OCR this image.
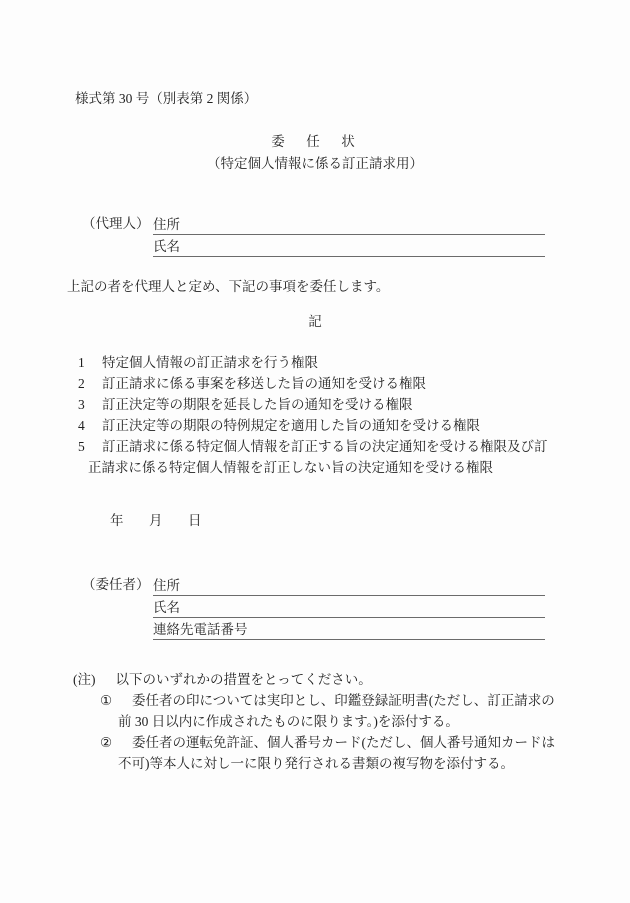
様式第 30 号（別表第 2 関係）
委　任　状
（特定個人情報に係る訂正請求用）
（代理人） 住所
氏名
上記の者を代理人と定め、下記の事項を委任します。
記
1 特定個人情報の訂正請求を行う権限
2 訂正請求に係る事案を移送した旨の通知を受ける権限
3 訂正決定等の期限を延長した旨の通知を受ける権限
4 訂正決定等の期限の特例規定を適用した旨の通知を受ける権限
5 訂正請求に係る特定個人情報を訂正する旨の決定通知を受ける権限及び訂正請求に係る特定個人情報を訂正しない旨の決定通知を受ける権限
年　月　日
（委任者） 住所
氏名
連絡先電話番号
(注) 以下のいずれかの措置をとってください。
① 委任者の印については実印とし、印鑑登録証明書(ただし、訂正請求の前 30 日以内に作成されたものに限ります。)を添付する。
② 委任者の運転免許証、個人番号カード(ただし、個人番号通知カードは不可)等本人に対し一に限り発行される書類の複写物を添付する。
